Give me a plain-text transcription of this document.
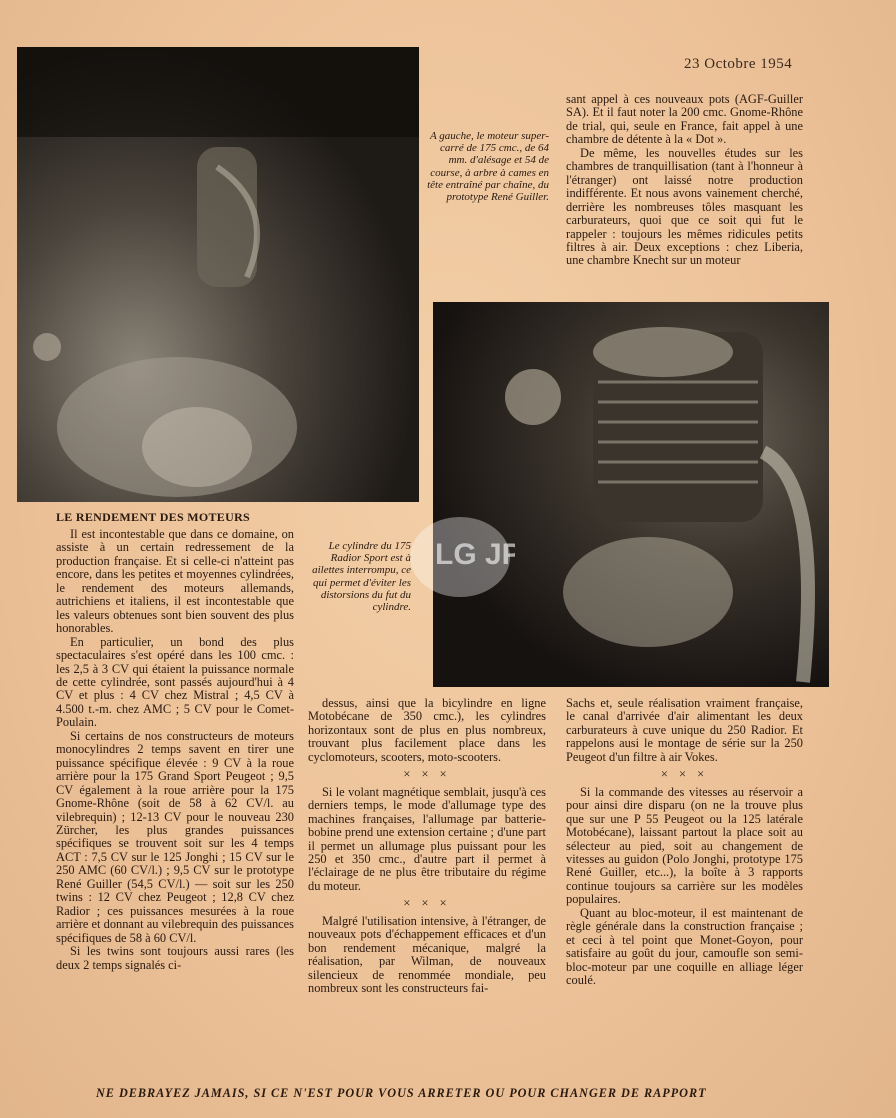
23 Octobre 1954

A gauche, le moteur super-carré de 175 cmc., de 64 mm. d'alésage et 54 de course, à arbre à cames en tête entraîné par chaîne, du prototype René Guiller.

Le cylindre du 175 Radior Sport est à ailettes interrompu, ce qui permet d'éviter les distorsions du fut du cylindre.

LG JP
LE RENDEMENT DES MOTEURS

Il est incontestable que dans ce domaine, on assiste à un certain redressement de la production française. Et si celle-ci n'atteint pas encore, dans les petites et moyennes cylindrées, le rendement des moteurs allemands, autrichiens et italiens, il est incontestable que les valeurs obtenues sont bien souvent des plus honorables.

En particulier, un bond des plus spectaculaires s'est opéré dans les 100 cmc. : les 2,5 à 3 CV qui étaient la puissance normale de cette cylindrée, sont passés aujourd'hui à 4 CV et plus : 4 CV chez Mistral ; 4,5 CV à 4.500 t.-m. chez AMC ; 5 CV pour le Comet-Poulain.

Si certains de nos constructeurs de moteurs monocylindres 2 temps savent en tirer une puissance spécifique élevée : 9 CV à la roue arrière pour la 175 Grand Sport Peugeot ; 9,5 CV également à la roue arrière pour la 175 Gnome-Rhône (soit de 58 à 62 CV/l. au vilebrequin) ; 12-13 CV pour le nouveau 230 Zürcher, les plus grandes puissances spécifiques se trouvent soit sur les 4 temps ACT : 7,5 CV sur le 125 Jonghi ; 15 CV sur le 250 AMC (60 CV/l.) ; 9,5 CV sur le prototype René Guiller (54,5 CV/l.) — soit sur les 250 twins : 12 CV chez Peugeot ; 12,8 CV chez Radior ; ces puissances mesurées à la roue arrière et donnant au vilebrequin des puissances spécifiques de 58 à 60 CV/l.

Si les twins sont toujours aussi rares (les deux 2 temps signalés ci-

dessus, ainsi que la bicylindre en ligne Motobécane de 350 cmc.), les cylindres horizontaux sont de plus en plus nombreux, trouvant plus facilement place dans les cyclomoteurs, scooters, moto-scooters.

× × ×

Si le volant magnétique semblait, jusqu'à ces derniers temps, le mode d'allumage type des machines françaises, l'allumage par batterie-bobine prend une extension certaine ; d'une part il permet un allumage plus puissant pour les 250 et 350 cmc., d'autre part il permet à l'éclairage de ne plus être tributaire du régime du moteur.

× × ×

Malgré l'utilisation intensive, à l'étranger, de nouveaux pots d'échappement efficaces et d'un bon rendement mécanique, malgré la réalisation, par Wilman, de nouveaux silencieux de renommée mondiale, peu nombreux sont les constructeurs fai-

sant appel à ces nouveaux pots (AGF-Guiller SA). Et il faut noter la 200 cmc. Gnome-Rhône de trial, qui, seule en France, fait appel à une chambre de détente à la « Dot ».

De même, les nouvelles études sur les chambres de tranquillisation (tant à l'honneur à l'étranger) ont laissé notre production indifférente. Et nous avons vainement cherché, derrière les nombreuses tôles masquant les carburateurs, quoi que ce soit qui fut le rappeler : toujours les mêmes ridicules petits filtres à air. Deux exceptions : chez Liberia, une chambre Knecht sur un moteur

Sachs et, seule réalisation vraiment française, le canal d'arrivée d'air alimentant les deux carburateurs à cuve unique du 250 Radior. Et rappelons ausi le montage de série sur la 250 Peugeot d'un filtre à air Vokes.

× × ×

Si la commande des vitesses au réservoir a pour ainsi dire disparu (on ne la trouve plus que sur une P 55 Peugeot ou la 125 latérale Motobécane), laissant partout la place soit au sélecteur au pied, soit au changement de vitesses au guidon (Polo Jonghi, prototype 175 René Guiller, etc...), la boîte à 3 rapports continue toujours sa carrière sur les modèles populaires.

Quant au bloc-moteur, il est maintenant de règle générale dans la construction française ; et ceci à tel point que Monet-Goyon, pour satisfaire au goût du jour, camoufle son semi-bloc-moteur par une coquille en alliage léger coulé.

NE DEBRAYEZ JAMAIS, SI CE N'EST POUR VOUS ARRETER OU POUR CHANGER DE RAPPORT
